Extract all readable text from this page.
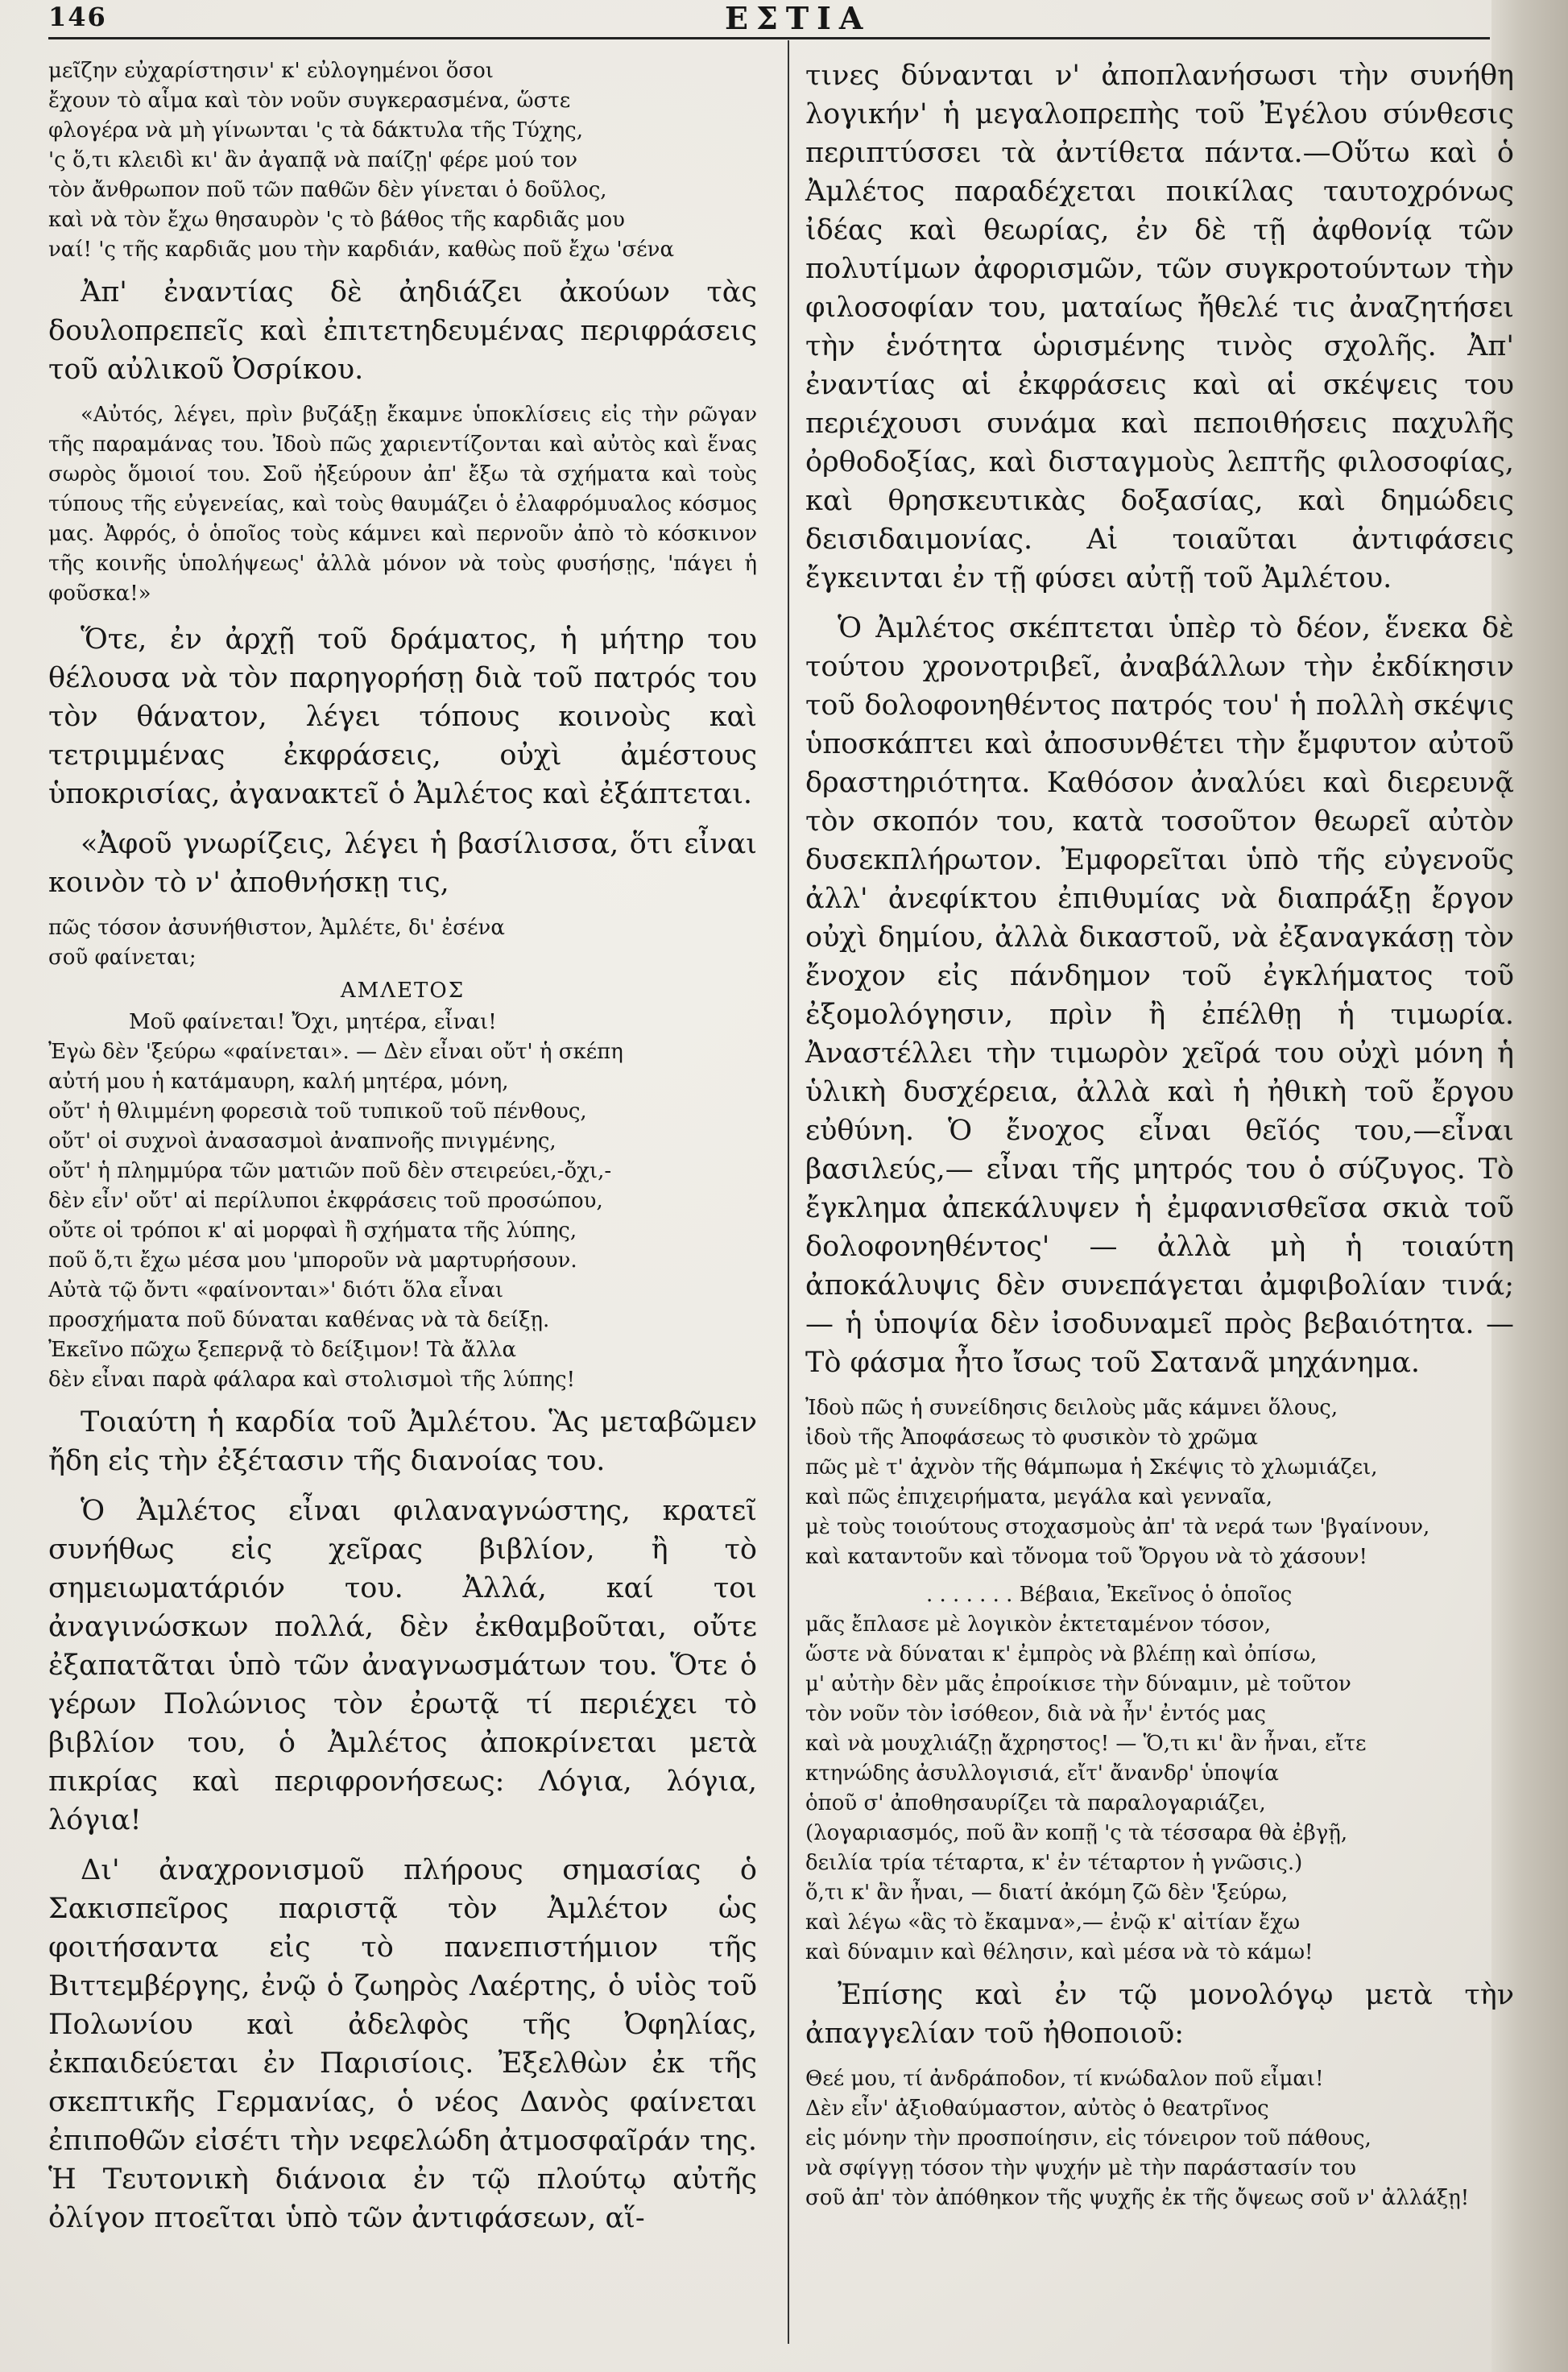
146	ΕΣΤΙΑ
μεῖζην εὐχαρίστησιν' κ' εὐλογημένοι ὅσοι
ἔχουν τὸ αἷμα καὶ τὸν νοῦν συγκερασμένα, ὥστε
φλογέρα νὰ μὴ γίνωνται 'ς τὰ δάκτυλα τῆς Τύχης,
'ς ὅ,τι κλειδὶ κι' ἂν ἀγαπᾷ νὰ παίζῃ' φέρε μού τον
τὸν ἄνθρωπον ποῦ τῶν παθῶν δὲν γίνεται ὁ δοῦλος,
καὶ νὰ τὸν ἔχω θησαυρὸν 'ς τὸ βάθος τῆς καρδιᾶς μου
ναί! 'ς τῆς καρδιᾶς μου τὴν καρδιάν, καθὼς ποῦ ἔχω 'σένα

Ἀπ' ἐναντίας δὲ ἀηδιάζει ἀκούων τὰς δουλοπρεπεῖς καὶ ἐπιτετηδευμένας περιφράσεις τοῦ αὐλικοῦ Ὀσρίκου.

«Αὐτός, λέγει, πρὶν βυζάξῃ ἔκαμνε ὑποκλίσεις εἰς τὴν ρῶγαν τῆς παραμάνας του. Ἰδοὺ πῶς χαριεντίζονται καὶ αὐτὸς καὶ ἕνας σωρὸς ὅμοιοί του. Σοῦ ἠξεύρουν ἀπ' ἔξω τὰ σχήματα καὶ τοὺς τύπους τῆς εὐγενείας, καὶ τοὺς θαυμάζει ὁ ἐλαφρόμυαλος κόσμος μας. Ἀφρός, ὁ ὁποῖος τοὺς κάμνει καὶ περνοῦν ἀπὸ τὸ κόσκινον τῆς κοινῆς ὑπολήψεως' ἀλλὰ μόνον νὰ τοὺς φυσήσῃς, 'πάγει ἡ φοῦσκα!»

Ὅτε, ἐν ἀρχῇ τοῦ δράματος, ἡ μήτηρ του θέλουσα νὰ τὸν παρηγορήσῃ διὰ τοῦ πατρός του τὸν θάνατον, λέγει τόπους κοινοὺς καὶ τετριμμένας ἐκφράσεις, οὐχὶ ἀμέστους ὑποκρισίας, ἀγανακτεῖ ὁ Ἀμλέτος καὶ ἐξάπτεται.

«Ἀφοῦ γνωρίζεις, λέγει ἡ βασίλισσα, ὅτι εἶναι κοινὸν τὸ ν' ἀποθνήσκῃ τις,

πῶς τόσον ἀσυνήθιστον, Ἀμλέτε, δι' ἐσένα
σοῦ φαίνεται;
ΑΜΛΕΤΟΣ
Μοῦ φαίνεται! Ὄχι, μητέρα, εἶναι!
Ἐγὼ δὲν 'ξεύρω «φαίνεται». — Δὲν εἶναι οὔτ' ἡ σκέπη
αὐτή μου ἡ κατάμαυρη, καλή μητέρα, μόνη,
οὔτ' ἡ θλιμμένη φορεσιὰ τοῦ τυπικοῦ τοῦ πένθους,
οὔτ' οἱ συχνοὶ ἀνασασμοὶ ἀναπνοῆς πνιγμένης,
οὔτ' ἡ πλημμύρα τῶν ματιῶν ποῦ δὲν στειρεύει,-ὄχι,-
δὲν εἶν' οὔτ' αἱ περίλυποι ἐκφράσεις τοῦ προσώπου,
οὔτε οἱ τρόποι κ' αἱ μορφαὶ ἢ σχήματα τῆς λύπης,
ποῦ ὅ,τι ἔχω μέσα μου 'μποροῦν νὰ μαρτυρήσουν.
Αὐτὰ τῷ ὄντι «φαίνονται»' διότι ὅλα εἶναι
προσχήματα ποῦ δύναται καθένας νὰ τὰ δείξῃ.
Ἐκεῖνο πῶχω ξεπερνᾷ τὸ δείξιμον! Τὰ ἄλλα
δὲν εἶναι παρὰ φάλαρα καὶ στολισμοὶ τῆς λύπης!

Τοιαύτη ἡ καρδία τοῦ Ἀμλέτου. Ἃς μεταβῶμεν ἤδη εἰς τὴν ἐξέτασιν τῆς διανοίας του.

Ὁ Ἀμλέτος εἶναι φιλαναγνώστης, κρατεῖ συνήθως εἰς χεῖρας βιβλίον, ἢ τὸ σημειωματάριόν του. Ἀλλά, καί τοι ἀναγινώσκων πολλά, δὲν ἐκθαμβοῦται, οὔτε ἐξαπατᾶται ὑπὸ τῶν ἀναγνωσμάτων του. Ὅτε ὁ γέρων Πολώνιος τὸν ἐρωτᾷ τί περιέχει τὸ βιβλίον του, ὁ Ἀμλέτος ἀποκρίνεται μετὰ πικρίας καὶ περιφρονήσεως: Λόγια, λόγια, λόγια!

Δι' ἀναχρονισμοῦ πλήρους σημασίας ὁ Σακισπεῖρος παριστᾷ τὸν Ἀμλέτον ὡς φοιτήσαντα εἰς τὸ πανεπιστήμιον τῆς Βιττεμβέργης, ἐνῷ ὁ ζωηρὸς Λαέρτης, ὁ υἱὸς τοῦ Πολωνίου καὶ ἀδελφὸς τῆς Ὀφηλίας, ἐκπαιδεύεται ἐν Παρισίοις. Ἐξελθὼν ἐκ τῆς σκεπτικῆς Γερμανίας, ὁ νέος Δανὸς φαίνεται ἐπιποθῶν εἰσέτι τὴν νεφελώδη ἀτμοσφαῖράν της. Ἡ Τευτονικὴ διάνοια ἐν τῷ πλούτῳ αὐτῆς ὀλίγον πτοεῖται ὑπὸ τῶν ἀντιφάσεων, αἵ-

τινες δύνανται ν' ἀποπλανήσωσι τὴν συνήθη λογικήν' ἡ μεγαλοπρεπὴς τοῦ Ἐγέλου σύνθεσις περιπτύσσει τὰ ἀντίθετα πάντα.—Οὕτω καὶ ὁ Ἀμλέτος παραδέχεται ποικίλας ταυτοχρόνως ἰδέας καὶ θεωρίας, ἐν δὲ τῇ ἀφθονίᾳ τῶν πολυτίμων ἀφορισμῶν, τῶν συγκροτούντων τὴν φιλοσοφίαν του, ματαίως ἤθελέ τις ἀναζητήσει τὴν ἑνότητα ὡρισμένης τινὸς σχολῆς. Ἀπ' ἐναντίας αἱ ἐκφράσεις καὶ αἱ σκέψεις του περιέχουσι συνάμα καὶ πεποιθήσεις παχυλῆς ὀρθοδοξίας, καὶ δισταγμοὺς λεπτῆς φιλοσοφίας, καὶ θρησκευτικὰς δοξασίας, καὶ δημώδεις δεισιδαιμονίας. Αἱ τοιαῦται ἀντιφάσεις ἔγκεινται ἐν τῇ φύσει αὐτῇ τοῦ Ἀμλέτου.

Ὁ Ἀμλέτος σκέπτεται ὑπὲρ τὸ δέον, ἕνεκα δὲ τούτου χρονοτριβεῖ, ἀναβάλλων τὴν ἐκδίκησιν τοῦ δολοφονηθέντος πατρός του' ἡ πολλὴ σκέψις ὑποσκάπτει καὶ ἀποσυνθέτει τὴν ἔμφυτον αὐτοῦ δραστηριότητα. Καθόσον ἀναλύει καὶ διερευνᾷ τὸν σκοπόν του, κατὰ τοσοῦτον θεωρεῖ αὐτὸν δυσεκπλήρωτον. Ἐμφορεῖται ὑπὸ τῆς εὐγενοῦς ἀλλ' ἀνεφίκτου ἐπιθυμίας νὰ διαπράξῃ ἔργον οὐχὶ δημίου, ἀλλὰ δικαστοῦ, νὰ ἐξαναγκάσῃ τὸν ἔνοχον εἰς πάνδημον τοῦ ἐγκλήματος τοῦ ἐξομολόγησιν, πρὶν ἢ ἐπέλθῃ ἡ τιμωρία. Ἀναστέλλει τὴν τιμωρὸν χεῖρά του οὐχὶ μόνη ἡ ὑλικὴ δυσχέρεια, ἀλλὰ καὶ ἡ ἠθικὴ τοῦ ἔργου εὐθύνη. Ὁ ἔνοχος εἶναι θεῖός του,—εἶναι βασιλεύς,— εἶναι τῆς μητρός του ὁ σύζυγος. Τὸ ἔγκλημα ἀπεκάλυψεν ἡ ἐμφανισθεῖσα σκιὰ τοῦ δολοφονηθέντος' — ἀλλὰ μὴ ἡ τοιαύτη ἀποκάλυψις δὲν συνεπάγεται ἀμφιβολίαν τινά; — ἡ ὑποψία δὲν ἰσοδυναμεῖ πρὸς βεβαιότητα. — Τὸ φάσμα ἦτο ἴσως τοῦ Σατανᾶ μηχάνημα.

Ἰδοὺ πῶς ἡ συνείδησις δειλοὺς μᾶς κάμνει ὅλους,
ἰδοὺ τῆς Ἀποφάσεως τὸ φυσικὸν τὸ χρῶμα
πῶς μὲ τ' ἀχνὸν τῆς θάμπωμα ἡ Σκέψις τὸ χλωμιάζει,
καὶ πῶς ἐπιχειρήματα, μεγάλα καὶ γενναῖα,
μὲ τοὺς τοιούτους στοχασμοὺς ἀπ' τὰ νερά των 'βγαίνουν,
καὶ καταντοῦν καὶ τὄνομα τοῦ Ὄργου νὰ τὸ χάσουν!
. . . . . . . Βέβαια, Ἐκεῖνος ὁ ὁποῖος
μᾶς ἔπλασε μὲ λογικὸν ἐκτεταμένον τόσον,
ὥστε νὰ δύναται κ' ἐμπρὸς νὰ βλέπῃ καὶ ὀπίσω,
μ' αὐτὴν δὲν μᾶς ἐπροίκισε τὴν δύναμιν, μὲ τοῦτον
τὸν νοῦν τὸν ἰσόθεον, διὰ νὰ ἦν' ἐντός μας
καὶ νὰ μουχλιάζῃ ἄχρηστος! — Ὅ,τι κι' ἂν ἦναι, εἴτε
κτηνώδης ἀσυλλογισιά, εἴτ' ἄνανδρ' ὑποψία
ὁποῦ σ' ἀποθησαυρίζει τὰ παραλογαριάζει,
(λογαριασμός, ποῦ ἂν κοπῇ 'ς τὰ τέσσαρα θὰ ἐβγῇ,
δειλία τρία τέταρτα, κ' ἐν τέταρτον ἡ γνῶσις.)
ὅ,τι κ' ἂν ἦναι, — διατί ἀκόμη ζῶ δὲν 'ξεύρω,
καὶ λέγω «ἃς τὸ ἔκαμνα»,— ἐνῷ κ' αἰτίαν ἔχω
καὶ δύναμιν καὶ θέλησιν, καὶ μέσα νὰ τὸ κάμω!

Ἐπίσης καὶ ἐν τῷ μονολόγῳ μετὰ τὴν ἀπαγγελίαν τοῦ ἠθοποιοῦ:

Θεέ μου, τί ἀνδράποδον, τί κνώδαλον ποῦ εἶμαι!
Δὲν εἶν' ἀξιοθαύμαστον, αὐτὸς ὁ θεατρῖνος
εἰς μόνην τὴν προσποίησιν, εἰς τόνειρον τοῦ πάθους,
νὰ σφίγγῃ τόσον τὴν ψυχήν μὲ τὴν παράστασίν του
σοῦ ἀπ' τὸν ἀπόθηκον τῆς ψυχῆς ἐκ τῆς ὄψεως σοῦ ν' ἀλλάξῃ!
